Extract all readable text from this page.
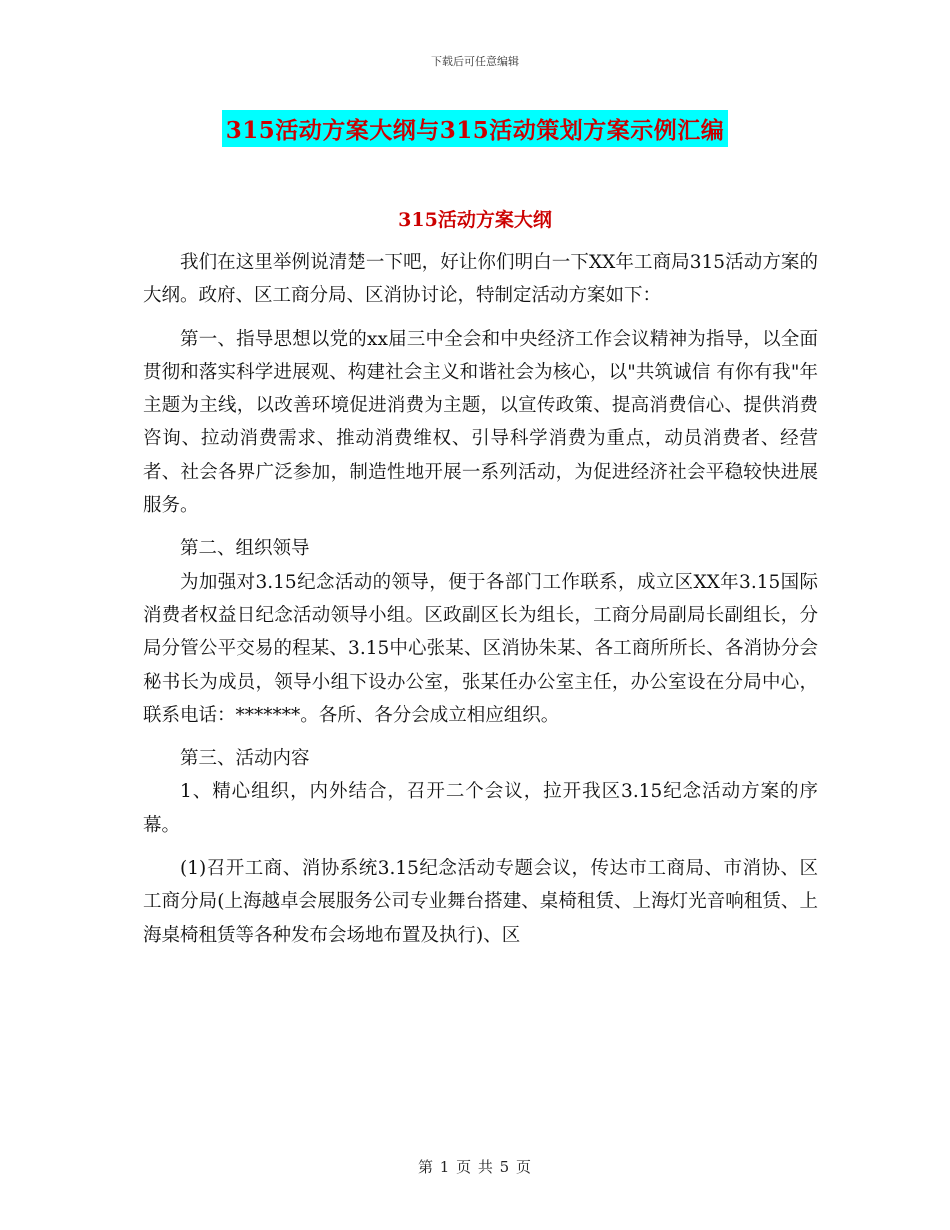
下载后可任意编辑
315活动方案大纲与315活动策划方案示例汇编
315活动方案大纲

我们在这里举例说清楚一下吧，好让你们明白一下XX年工商局315活动方案的大纲。政府、区工商分局、区消协讨论，特制定活动方案如下：

第一、指导思想以党的xx届三中全会和中央经济工作会议精神为指导，以全面贯彻和落实科学进展观、构建社会主义和谐社会为核心，以"共筑诚信 有你有我"年主题为主线，以改善环境促进消费为主题，以宣传政策、提高消费信心、提供消费咨询、拉动消费需求、推动消费维权、引导科学消费为重点，动员消费者、经营者、社会各界广泛参加，制造性地开展一系列活动，为促进经济社会平稳较快进展服务。

第二、组织领导

为加强对3.15纪念活动的领导，便于各部门工作联系，成立区XX年3.15国际消费者权益日纪念活动领导小组。区政副区长为组长，工商分局副局长副组长，分局分管公平交易的程某、3.15中心张某、区消协朱某、各工商所所长、各消协分会秘书长为成员，领导小组下设办公室，张某任办公室主任，办公室设在分局中心，联系电话：*******。各所、各分会成立相应组织。

第三、活动内容

1、精心组织，内外结合，召开二个会议，拉开我区3.15纪念活动方案的序幕。

(1)召开工商、消协系统3.15纪念活动专题会议，传达市工商局、市消协、区工商分局(上海越卓会展服务公司专业舞台搭建、桌椅租赁、上海灯光音响租赁、上海桌椅租赁等各种发布会场地布置及执行)、区

第 1 页 共 5 页
